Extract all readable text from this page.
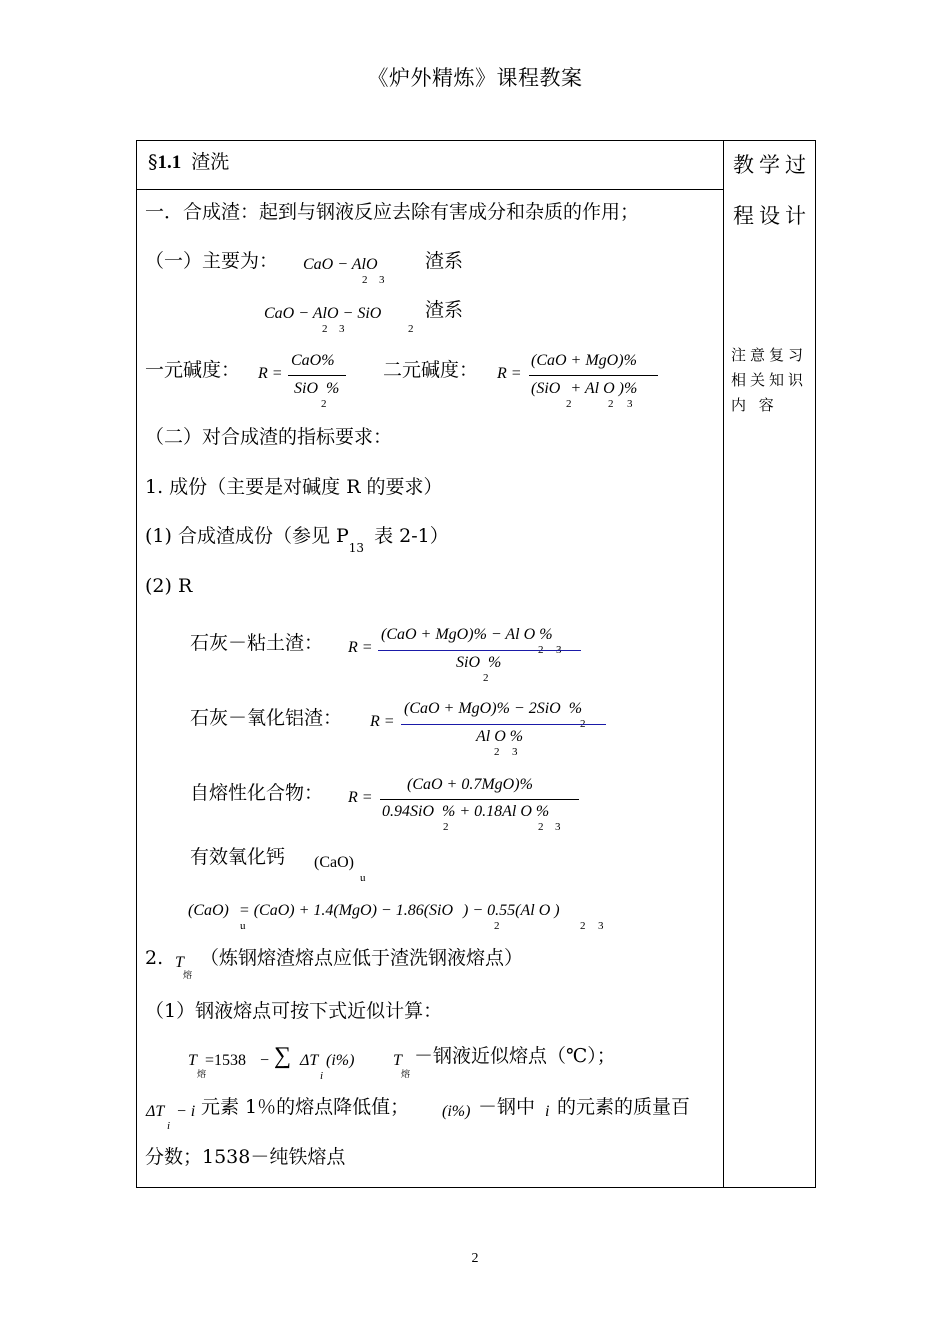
《炉外精炼》课程教案
§1.1 渣洗	教学过
程设计
注意复习
相关知识
内 容
一．合成渣：起到与钢液反应去除有害成分和杂质的作用；
（一）主要为： CaO − AlO
2 3
渣系
CaO − AlO − SiO
2 3	2
渣系
一元碱度： R =
CaO%
SiO %
2
二元碱度： R =
(CaO + MgO)%
(SiO + Al O )%
2	2 3
（二）对合成渣的指标要求：
1. 成份（主要是对碱度 R 的要求）
(1) 合成渣成份（参见 $P_{13}$表 2-1）
(2) R
石灰－粘土渣： R =
(CaO + MgO)% − Al O %
SiO %
2
石灰－氧化铝渣： R =
(CaO + MgO)% − 2SiO %
Al O %
2 3
自熔性化合物： R =
(CaO + 0.7MgO)%
0.94SiO % + 0.18Al O %
2	2 3
有效氧化钙 (CaO)
u
(CaO) = (CaO) + 1.4(MgO) − 1.86(SiO ) − 0.55(Al O )
u	2	2 3
2. T
熔
（炼钢熔渣熔点应低于渣洗钢液熔点）
（1）钢液熔点可按下式近似计算：
T
熔
=1538 − ∑ ΔT
i
(i%) T
熔
－钢液近似熔点（℃）；
ΔT
i
− i 元素 1％的熔点降低值； (i%) －钢中 i 的元素的质量百
分数；1538－纯铁熔点
2
